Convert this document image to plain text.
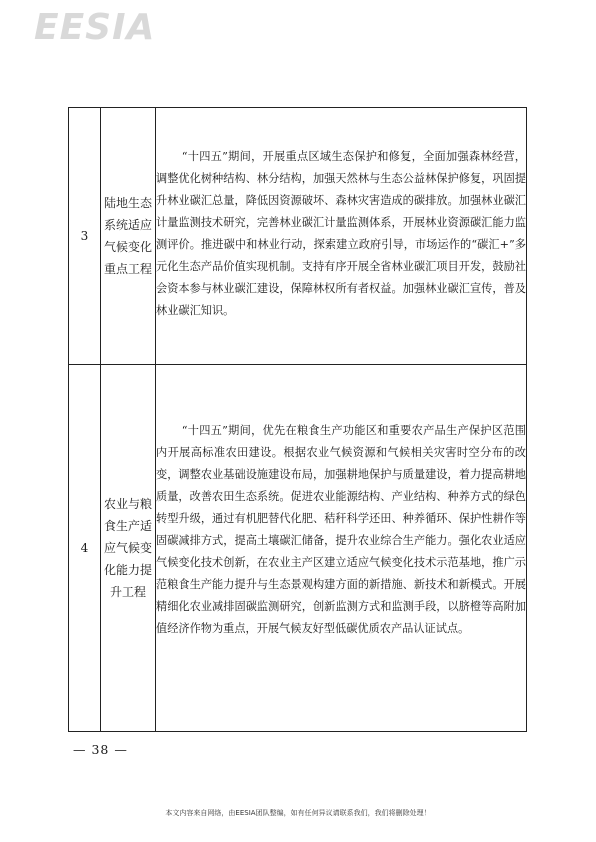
EESIA
3	陆地生态系统适应气候变化重点工程	“十四五”期间，开展重点区域生态保护和修复，全面加强森林经营，调整优化树种结构、林分结构，加强天然林与生态公益林保护修复，巩固提升林业碳汇总量，降低因资源破坏、森林灾害造成的碳排放。加强林业碳汇计量监测技术研究，完善林业碳汇计量监测体系，开展林业资源碳汇能力监测评价。推进碳中和林业行动，探索建立政府引导，市场运作的“碳汇+”多元化生态产品价值实现机制。支持有序开展全省林业碳汇项目开发，鼓励社会资本参与林业碳汇建设，保障林权所有者权益。加强林业碳汇宣传，普及林业碳汇知识。

4	农业与粮食生产适应气候变化能力提升工程	“十四五”期间，优先在粮食生产功能区和重要农产品生产保护区范围内开展高标准农田建设。根据农业气候资源和气候相关灾害时空分布的改变，调整农业基础设施建设布局，加强耕地保护与质量建设，着力提高耕地质量，改善农田生态系统。促进农业能源结构、产业结构、种养方式的绿色转型升级，通过有机肥替代化肥、秸秆科学还田、种养循环、保护性耕作等固碳减排方式，提高土壤碳汇储备，提升农业综合生产能力。强化农业适应气候变化技术创新，在农业主产区建立适应气候变化技术示范基地，推广示范粮食生产能力提升与生态景观构建方面的新措施、新技术和新模式。开展精细化农业减排固碳监测研究，创新监测方式和监测手段，以脐橙等高附加值经济作物为重点，开展气候友好型低碳优质农产品认证试点。

— 38 —
本文内容来自网络，由EESIA团队整编，如有任何异议请联系我们，我们将删除处理！
